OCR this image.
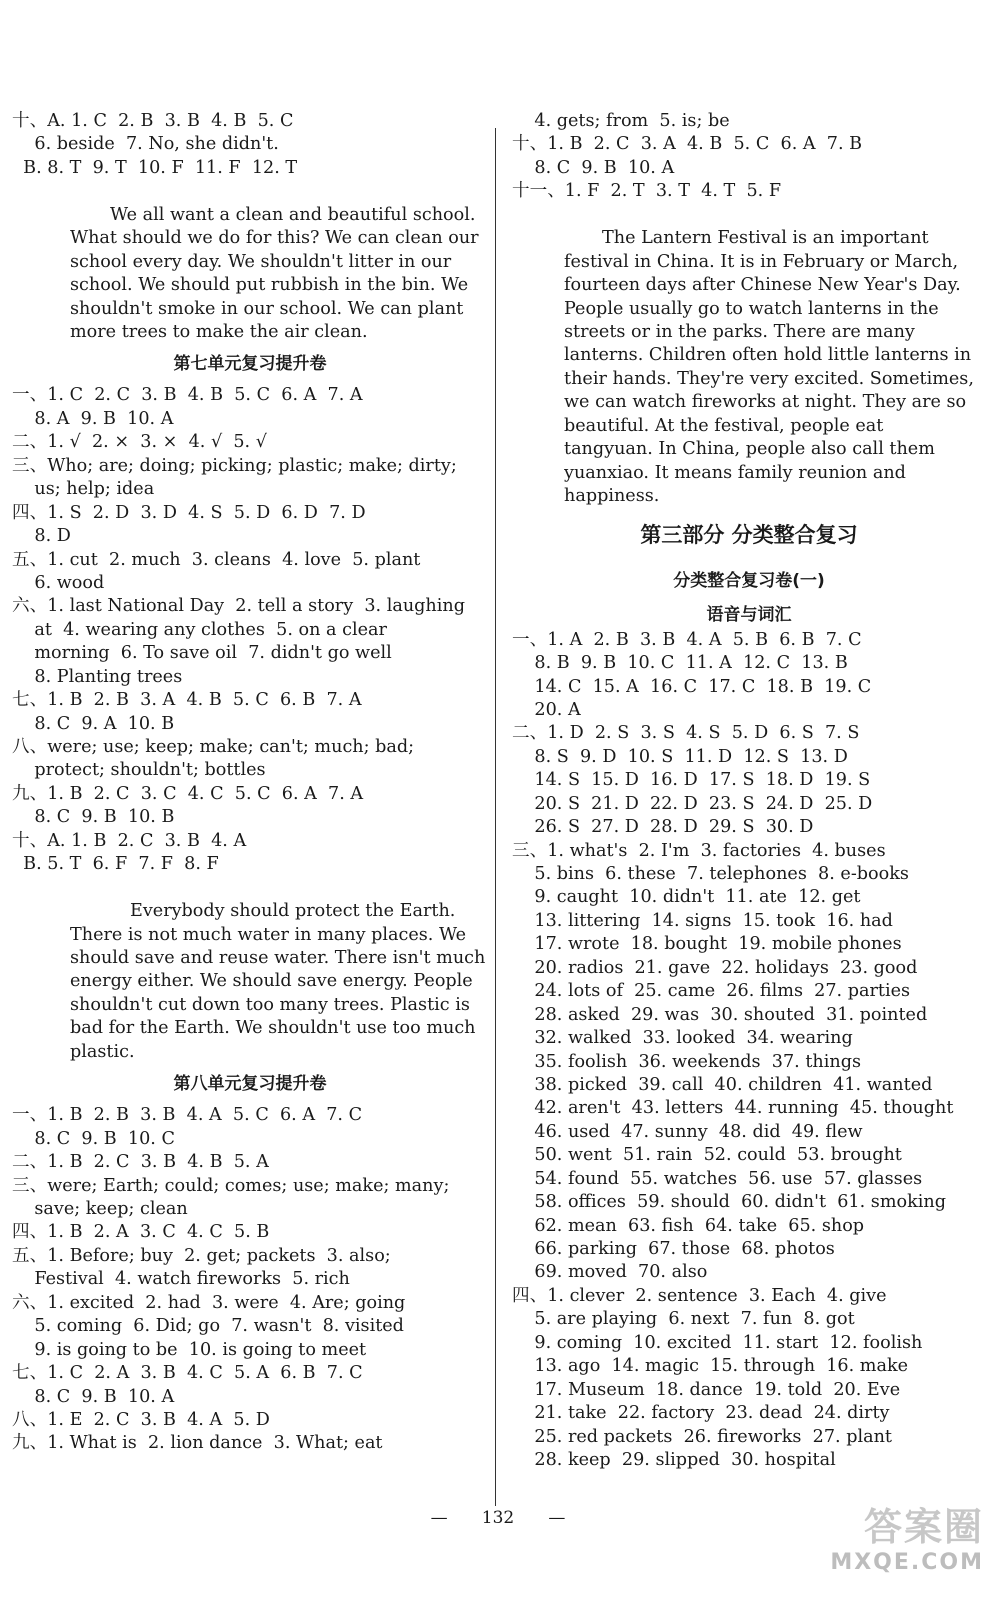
十、A. 1. C  2. B  3. B  4. B  5. C
6. beside  7. No, she didn't.
B. 8. T  9. T  10. F  11. F  12. T

We all want a clean and beautiful school.
What should we do for this? We can clean our
school every day. We shouldn't litter in our
school. We should put rubbish in the bin. We
shouldn't smoke in our school. We can plant
more trees to make the air clean.
第七单元复习提升卷
一、1. C  2. C  3. B  4. B  5. C  6. A  7. A
8. A  9. B  10. A
二、1. √  2. ×  3. ×  4. √  5. √
三、Who; are; doing; picking; plastic; make; dirty;
us; help; idea
四、1. S  2. D  3. D  4. S  5. D  6. D  7. D
8. D
五、1. cut  2. much  3. cleans  4. love  5. plant
6. wood
六、1. last National Day  2. tell a story  3. laughing
at  4. wearing any clothes  5. on a clear
morning  6. To save oil  7. didn't go well
8. Planting trees
七、1. B  2. B  3. A  4. B  5. C  6. B  7. A
8. C  9. A  10. B
八、were; use; keep; make; can't; much; bad;
protect; shouldn't; bottles
九、1. B  2. C  3. C  4. C  5. C  6. A  7. A
8. C  9. B  10. B
十、A. 1. B  2. C  3. B  4. A
B. 5. T  6. F  7. F  8. F

Everybody should protect the Earth.
There is not much water in many places. We
should save and reuse water. There isn't much
energy either. We should save energy. People
shouldn't cut down too many trees. Plastic is
bad for the Earth. We shouldn't use too much
plastic.
第八单元复习提升卷
一、1. B  2. B  3. B  4. A  5. C  6. A  7. C
8. C  9. B  10. C
二、1. B  2. C  3. B  4. B  5. A
三、were; Earth; could; comes; use; make; many;
save; keep; clean
四、1. B  2. A  3. C  4. C  5. B
五、1. Before; buy  2. get; packets  3. also;
Festival  4. watch fireworks  5. rich
六、1. excited  2. had  3. were  4. Are; going
5. coming  6. Did; go  7. wasn't  8. visited
9. is going to be  10. is going to meet
七、1. C  2. A  3. B  4. C  5. A  6. B  7. C
8. C  9. B  10. A
八、1. E  2. C  3. B  4. A  5. D
九、1. What is  2. lion dance  3. What; eat
4. gets; from  5. is; be
十、1. B  2. C  3. A  4. B  5. C  6. A  7. B
8. C  9. B  10. A
十一、1. F  2. T  3. T  4. T  5. F

The Lantern Festival is an important
festival in China. It is in February or March,
fourteen days after Chinese New Year's Day.
People usually go to watch lanterns in the
streets or in the parks. There are many
lanterns. Children often hold little lanterns in
their hands. They're very excited. Sometimes,
we can watch fireworks at night. They are so
beautiful. At the festival, people eat
tangyuan. In China, people also call them
yuanxiao. It means family reunion and
happiness.
第三部分 分类整合复习
分类整合复习卷(一)
语音与词汇
一、1. A  2. B  3. B  4. A  5. B  6. B  7. C
8. B  9. B  10. C  11. A  12. C  13. B
14. C  15. A  16. C  17. C  18. B  19. C
20. A
二、1. D  2. S  3. S  4. S  5. D  6. S  7. S
8. S  9. D  10. S  11. D  12. S  13. D
14. S  15. D  16. D  17. S  18. D  19. S
20. S  21. D  22. D  23. S  24. D  25. D
26. S  27. D  28. D  29. S  30. D
三、1. what's  2. I'm  3. factories  4. buses
5. bins  6. these  7. telephones  8. e-books
9. caught  10. didn't  11. ate  12. get
13. littering  14. signs  15. took  16. had
17. wrote  18. bought  19. mobile phones
20. radios  21. gave  22. holidays  23. good
24. lots of  25. came  26. films  27. parties
28. asked  29. was  30. shouted  31. pointed
32. walked  33. looked  34. wearing
35. foolish  36. weekends  37. things
38. picked  39. call  40. children  41. wanted
42. aren't  43. letters  44. running  45. thought
46. used  47. sunny  48. did  49. flew
50. went  51. rain  52. could  53. brought
54. found  55. watches  56. use  57. glasses
58. offices  59. should  60. didn't  61. smoking
62. mean  63. fish  64. take  65. shop
66. parking  67. those  68. photos
69. moved  70. also
四、1. clever  2. sentence  3. Each  4. give
5. are playing  6. next  7. fun  8. got
9. coming  10. excited  11. start  12. foolish
13. ago  14. magic  15. through  16. make
17. Museum  18. dance  19. told  20. Eve
21. take  22. factory  23. dead  24. dirty
25. red packets  26. fireworks  27. plant
28. keep  29. slipped  30. hospital
— 132 —	答案圈
MXQE.COM
